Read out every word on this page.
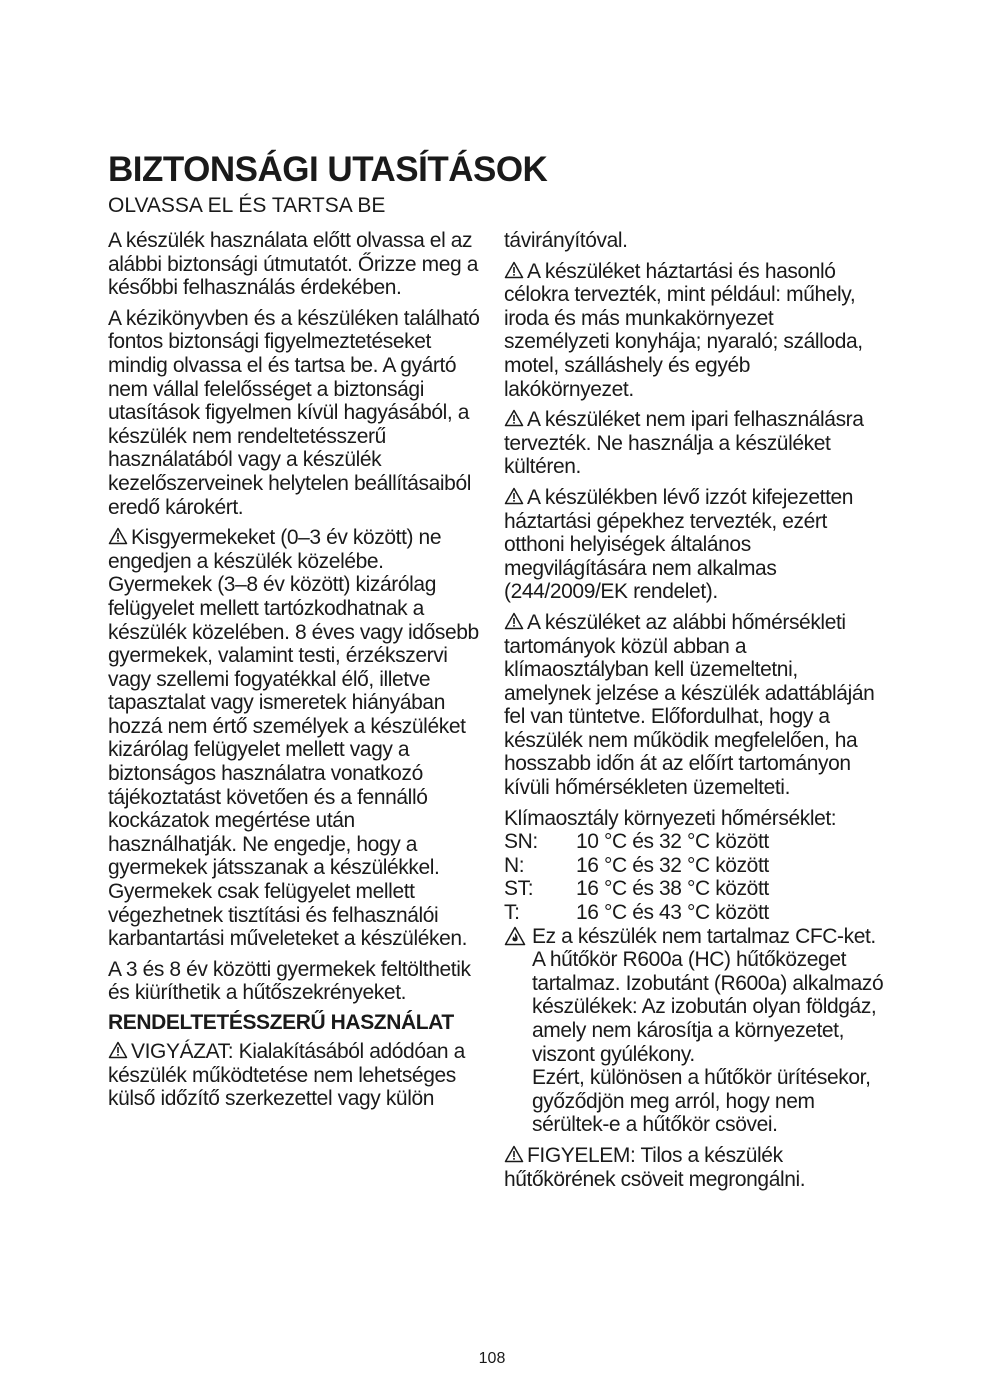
BIZTONSÁGI UTASÍTÁSOK
OLVASSA EL ÉS TARTSA BE

A készülék használata előtt olvassa el az alábbi biztonsági útmutatót. Őrizze meg a későbbi felhasználás érdekében.

A kézikönyvben és a készüléken található fontos biztonsági figyelmeztetéseket mindig olvassa el és tartsa be. A gyártó nem vállal felelősséget a biztonsági utasítások figyelmen kívül hagyásából, a készülék nem rendeltetésszerű használatából vagy a készülék kezelőszerveinek helytelen beállításaiból eredő károkért.

Kisgyermekeket (0–3 év között) ne engedjen a készülék közelébe. Gyermekek (3–8 év között) kizárólag felügyelet mellett tartózkodhatnak a készülék közelében. 8 éves vagy idősebb gyermekek, valamint testi, érzékszervi vagy szellemi fogyatékkal élő, illetve tapasztalat vagy ismeretek hiányában hozzá nem értő személyek a készüléket kizárólag felügyelet mellett vagy a biztonságos használatra vonatkozó tájékoztatást követően és a fennálló kockázatok megértése után használhatják. Ne engedje, hogy a gyermekek játsszanak a készülékkel. Gyermekek csak felügyelet mellett végezhetnek tisztítási és felhasználói karbantartási műveleteket a készüléken.

A 3 és 8 év közötti gyermekek feltölthetik és kiüríthetik a hűtőszekrényeket.

RENDELTETÉSSZERŰ HASZNÁLAT

VIGYÁZAT: Kialakításából adódóan a készülék működtetése nem lehetséges külső időzítő szerkezettel vagy külön

távirányítóval.

A készüléket háztartási és hasonló célokra tervezték, mint például: műhely, iroda és más munkakörnyezet személyzeti konyhája; nyaraló; szálloda, motel, szálláshely és egyéb lakókörnyezet.

A készüléket nem ipari felhasználásra tervezték. Ne használja a készüléket kültéren.

A készülékben lévő izzót kifejezetten háztartási gépekhez tervezték, ezért otthoni helyiségek általános megvilágítására nem alkalmas (244/2009/EK rendelet).

A készüléket az alábbi hőmérsékleti tartományok közül abban a klímaosztályban kell üzemeltetni, amelynek jelzése a készülék adattábláján fel van tüntetve. Előfordulhat, hogy a készülék nem működik megfelelően, ha hosszabb időn át az előírt tartományon kívüli hőmérsékleten üzemelteti.

Klímaosztály környezeti hőmérséklet:
SN:	10 °C és 32 °C között
N:	16 °C és 32 °C között
ST:	16 °C és 38 °C között
T:	16 °C és 43 °C között
Ez a készülék nem tartalmaz CFC-ket. A hűtőkör R600a (HC) hűtőközeget tartalmaz. Izobutánt (R600a) alkalmazó készülékek: Az izobután olyan földgáz, amely nem károsítja a környezetet, viszont gyúlékony.
Ezért, különösen a hűtőkör ürítésekor, győződjön meg arról, hogy nem sérültek-e a hűtőkör csövei.

FIGYELEM: Tilos a készülék hűtőkörének csöveit megrongálni.

108
